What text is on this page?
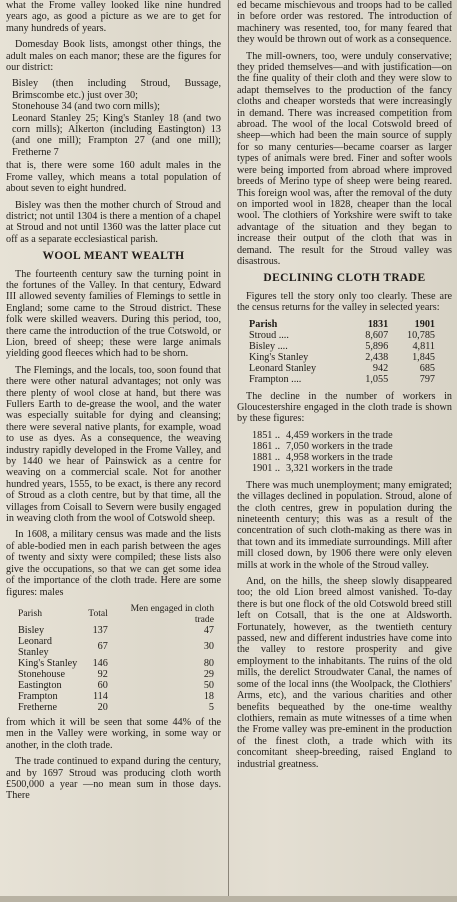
what the Frome valley looked like nine hundred years ago, as good a picture as we are to get for many hundreds of years.

Domesday Book lists, amongst other things, the adult males on each manor; these are the figures for our district:

Bisley (then including Stroud, Bussage, Brimscombe etc.) just over 30;
Stonehouse 34 (and two corn mills);
Leonard Stanley 25; King's Stanley 18 (and two corn mills); Alkerton (including Eastington) 13 (and one mill); Frampton 27 (and one mill); Fretherne 7

that is, there were some 160 adult males in the Frome valley, which means a total population of about seven to eight hundred.

Bisley was then the mother church of Stroud and district; not until 1304 is there a mention of a chapel at Stroud and not until 1360 was the latter place cut off as a separate ecclesiastical parish.

WOOL MEANT WEALTH

The fourteenth century saw the turning point in the fortunes of the Valley. In that century, Edward III allowed seventy families of Flemings to settle in England; some came to the Stroud district. These folk were skilled weavers. During this period, too, there came the introduction of the true Cotswold, or Lion, breed of sheep; these were large animals yielding good fleeces which had to be shorn.

The Flemings, and the locals, too, soon found that there were other natural advantages; not only was there plenty of wool close at hand, but there was Fullers Earth to de-grease the wool, and the water was especially suitable for dying and cleansing; there were several native plants, for example, woad to use as dyes. As a consequence, the weaving industry rapidly developed in the Frome Valley, and by 1440 we hear of Painswick as a centre for weaving on a commercial scale. Not for another hundred years, 1555, to be exact, is there any record of Stroud as a cloth centre, but by that time, all the villages from Coisall to Severn were busily engaged in weaving cloth from the wool of Cotswold sheep.

In 1608, a military census was made and the lists of able-bodied men in each parish between the ages of twenty and sixty were compiled; these lists also give the occupations, so that we can get some idea of the importance of the cloth trade. Here are some figures: males

Parish	Total	Men engaged in cloth trade
Bisley	137	47
Leonard Stanley	67	30
King's Stanley	146	80
Stonehouse	92	29
Eastington	60	50
Frampton	114	18
Fretherne	20	5

from which it will be seen that some 44% of the men in the Valley were working, in some way or another, in the cloth trade.

The trade continued to expand during the century, and by 1697 Stroud was producing cloth worth £500,000 a year —no mean sum in those days. There

ed became mischievous and troops had to be called in before order was restored. The introduction of machinery was resented, too, for many feared that they would be thrown out of work as a consequence.

The mill-owners, too, were unduly conservative; they prided themselves—and with justification—on the fine quality of their cloth and they were slow to adapt themselves to the production of the fancy cloths and cheaper worsteds that were increasingly in demand. There was increased competition from abroad. The wool of the local Cotswold breed of sheep—which had been the main source of supply for so many centuries—became coarser as larger types of animals were bred. Finer and softer wools were being imported from abroad where improved breeds of Merino type of sheep were being reared. This foreign wool was, after the removal of the duty on imported wool in 1828, cheaper than the local wool. The clothiers of Yorkshire were swift to take advantage of the situation and they began to increase their output of the cloth that was in demand. The result for the Stroud valley was disastrous.

DECLINING CLOTH TRADE

Figures tell the story only too clearly. These are the census returns for the valley in selected years:

Parish	1831	1901
Stroud ....	8,607	10,785
Bisley ....	5,896	4,811
King's Stanley	2,438	1,845
Leonard Stanley	942	685
Frampton ....	1,055	797

The decline in the number of workers in Gloucestershire engaged in the cloth trade is shown by these figures:

1851 ..	4,459 workers in the trade
1861 ..	7,050 workers in the trade
1881 ..	4,958 workers in the trade
1901 ..	3,321 workers in the trade

There was much unemployment; many emigrated; the villages declined in population. Stroud, alone of the cloth centres, grew in population during the nineteenth century; this was as a result of the concentration of such cloth-making as there was in that town and its immediate surroundings. Mill after mill closed down, by 1906 there were only eleven mills at work in the whole of the Stroud valley.

And, on the hills, the sheep slowly disappeared too; the old Lion breed almost vanished. To-day there is but one flock of the old Cotswold breed still left on Cotsall, that is the one at Aldsworth. Fortunately, however, as the twentieth century passed, new and different industries have come into the valley to restore prosperity and give employment to the inhabitants. The ruins of the old mills, the derelict Stroudwater Canal, the names of some of the local inns (the Woolpack, the Clothiers' Arms, etc), and the various charities and other benefits bequeathed by the one-time wealthy clothiers, remain as mute witnesses of a time when the Frome valley was pre-eminent in the production of the finest cloth, a trade which with its concomitant sheep-breeding, raised England to industrial greatness.
